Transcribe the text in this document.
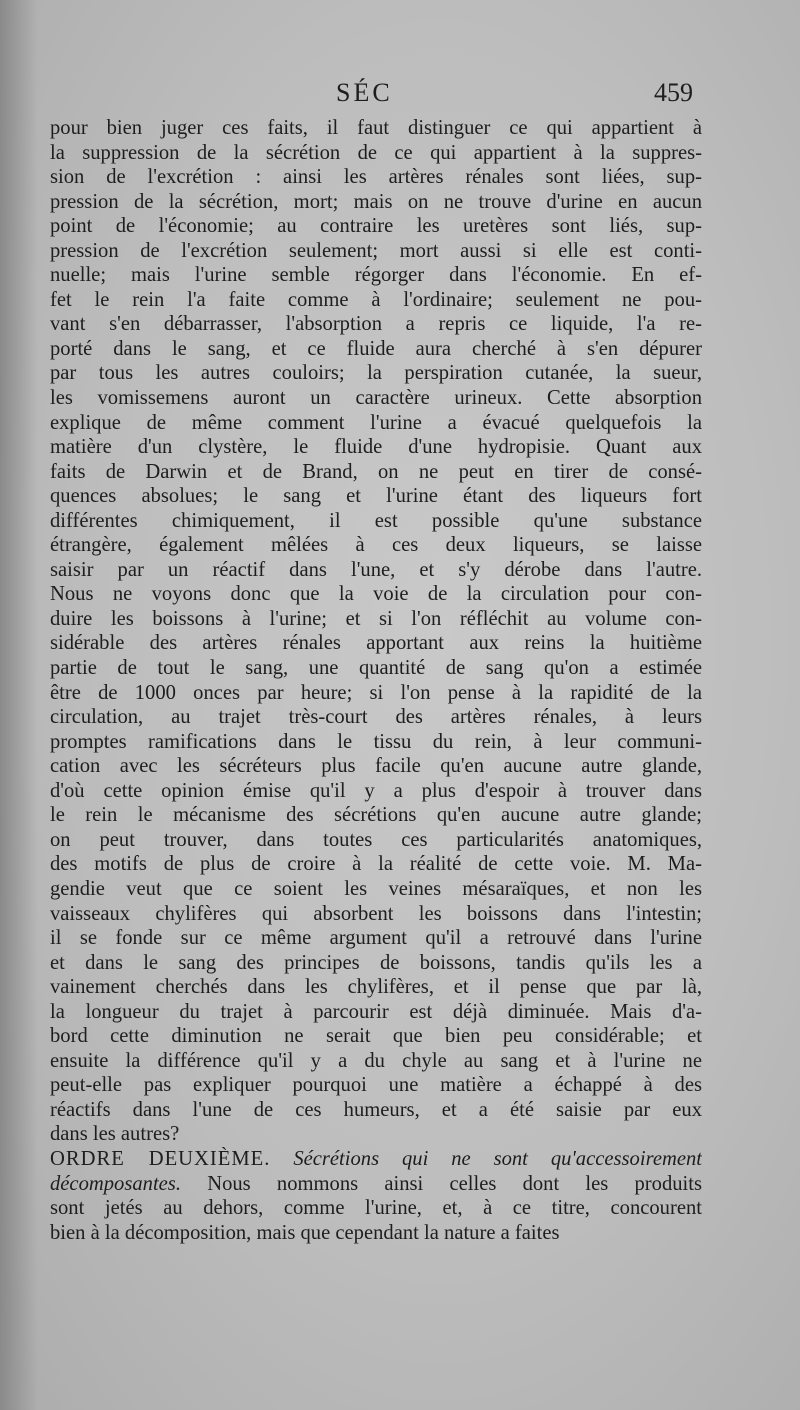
SÉC	459
pour bien juger ces faits, il faut distinguer ce qui appartient à
la suppression de la sécrétion de ce qui appartient à la suppres-
sion de l'excrétion : ainsi les artères rénales sont liées, sup-
pression de la sécrétion, mort; mais on ne trouve d'urine en aucun
point de l'économie; au contraire les uretères sont liés, sup-
pression de l'excrétion seulement; mort aussi si elle est conti-
nuelle; mais l'urine semble régorger dans l'économie. En ef-
fet le rein l'a faite comme à l'ordinaire; seulement ne pou-
vant s'en débarrasser, l'absorption a repris ce liquide, l'a re-
porté dans le sang, et ce fluide aura cherché à s'en dépurer
par tous les autres couloirs; la perspiration cutanée, la sueur,
les vomissemens auront un caractère urineux. Cette absorption
explique de même comment l'urine a évacué quelquefois la
matière d'un clystère, le fluide d'une hydropisie. Quant aux
faits de Darwin et de Brand, on ne peut en tirer de consé-
quences absolues; le sang et l'urine étant des liqueurs fort
différentes chimiquement, il est possible qu'une substance
étrangère, également mêlées à ces deux liqueurs, se laisse
saisir par un réactif dans l'une, et s'y dérobe dans l'autre.
Nous ne voyons donc que la voie de la circulation pour con-
duire les boissons à l'urine; et si l'on réfléchit au volume con-
sidérable des artères rénales apportant aux reins la huitième
partie de tout le sang, une quantité de sang qu'on a estimée
être de 1000 onces par heure; si l'on pense à la rapidité de la
circulation, au trajet très-court des artères rénales, à leurs
promptes ramifications dans le tissu du rein, à leur communi-
cation avec les sécréteurs plus facile qu'en aucune autre glande,
d'où cette opinion émise qu'il y a plus d'espoir à trouver dans
le rein le mécanisme des sécrétions qu'en aucune autre glande;
on peut trouver, dans toutes ces particularités anatomiques,
des motifs de plus de croire à la réalité de cette voie. M. Ma-
gendie veut que ce soient les veines mésaraïques, et non les
vaisseaux chylifères qui absorbent les boissons dans l'intestin;
il se fonde sur ce même argument qu'il a retrouvé dans l'urine
et dans le sang des principes de boissons, tandis qu'ils les a
vainement cherchés dans les chylifères, et il pense que par là,
la longueur du trajet à parcourir est déjà diminuée. Mais d'a-
bord cette diminution ne serait que bien peu considérable; et
ensuite la différence qu'il y a du chyle au sang et à l'urine ne
peut-elle pas expliquer pourquoi une matière a échappé à des
réactifs dans l'une de ces humeurs, et a été saisie par eux
dans les autres?
ORDRE DEUXIÈME. Sécrétions qui ne sont qu'accessoirement
décomposantes. Nous nommons ainsi celles dont les produits
sont jetés au dehors, comme l'urine, et, à ce titre, concourent
bien à la décomposition, mais que cependant la nature a faites
